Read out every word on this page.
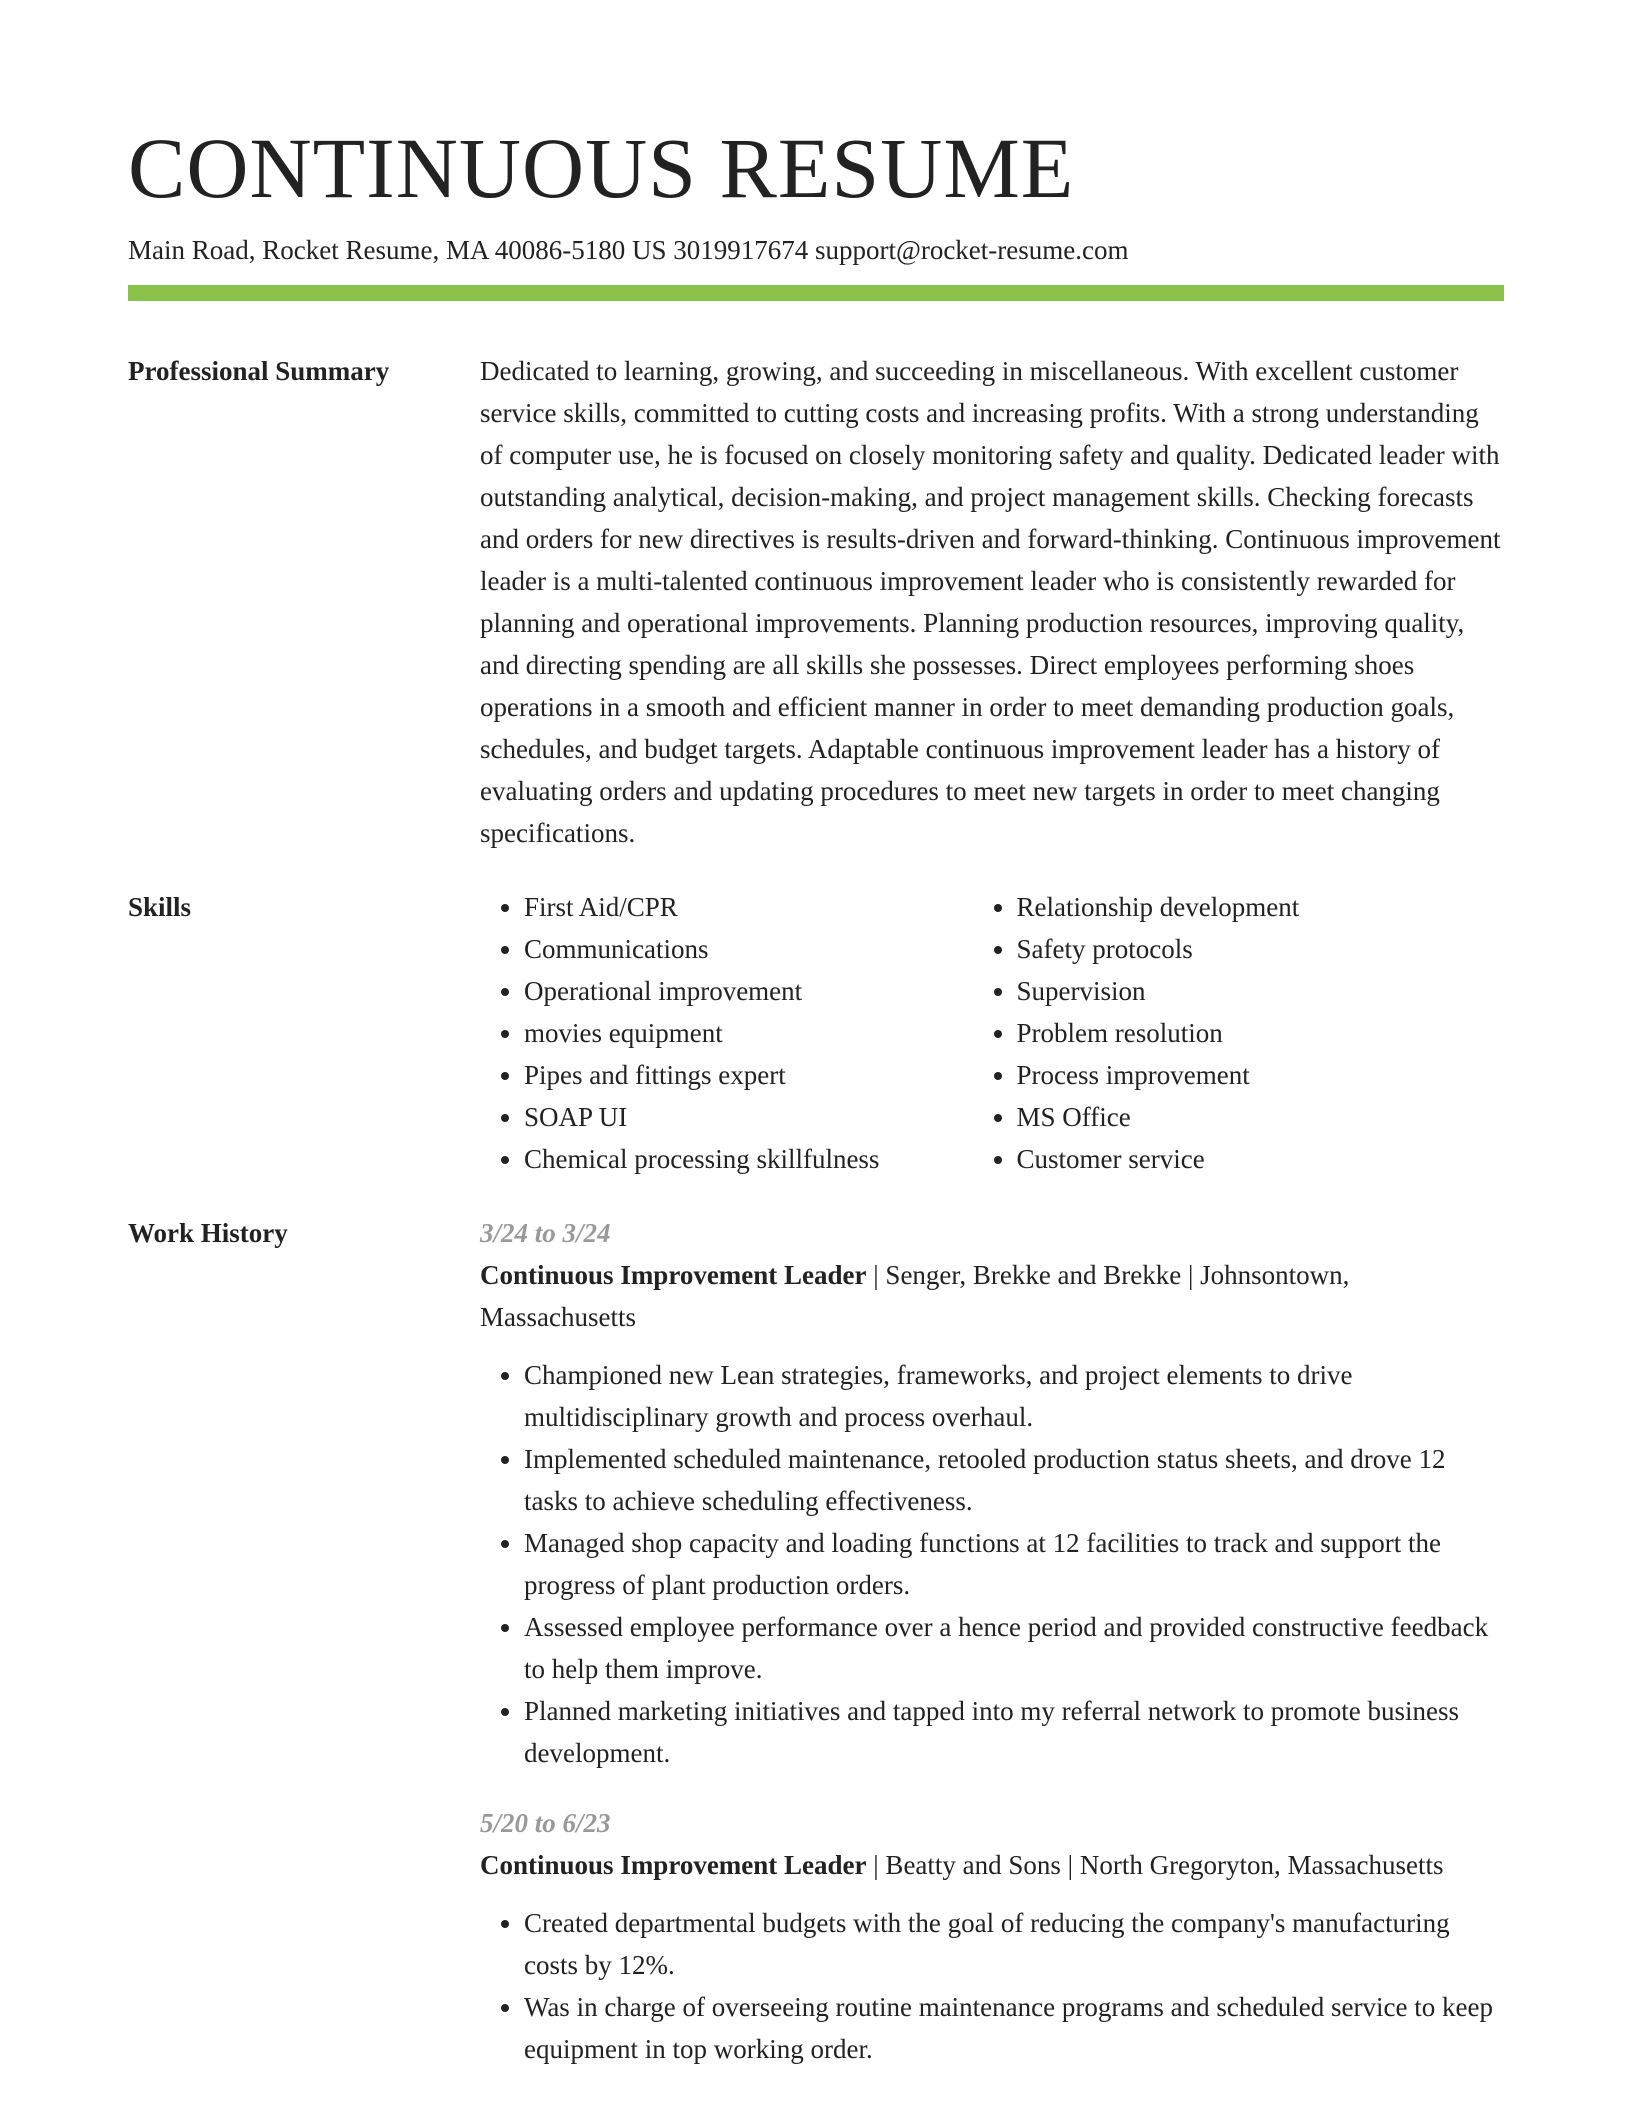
CONTINUOUS RESUME
Main Road, Rocket Resume, MA 40086-5180 US 3019917674 support@rocket-resume.com
Professional Summary	Dedicated to learning, growing, and succeeding in miscellaneous. With excellent customer service skills, committed to cutting costs and increasing profits. With a strong understanding of computer use, he is focused on closely monitoring safety and quality. Dedicated leader with outstanding analytical, decision-making, and project management skills. Checking forecasts and orders for new directives is results-driven and forward-thinking. Continuous improvement leader is a multi-talented continuous improvement leader who is consistently rewarded for planning and operational improvements. Planning production resources, improving quality, and directing spending are all skills she possesses. Direct employees performing shoes operations in a smooth and efficient manner in order to meet demanding production goals, schedules, and budget targets. Adaptable continuous improvement leader has a history of evaluating orders and updating procedures to meet new targets in order to meet changing specifications.

Skills
•	First Aid/CPR
• Communications
• Operational improvement
• movies equipment
• Pipes and fittings expert
• SOAP UI
• Chemical processing skillfulness
• Relationship development
• Safety protocols
• Supervision
• Problem resolution
• Process improvement
• MS Office
• Customer service
Work History	3/24 to 3/24
Continuous Improvement Leader | Senger, Brekke and Brekke | Johnsontown, Massachusetts
• Championed new Lean strategies, frameworks, and project elements to drive multidisciplinary growth and process overhaul.
• Implemented scheduled maintenance, retooled production status sheets, and drove 12 tasks to achieve scheduling effectiveness.
• Managed shop capacity and loading functions at 12 facilities to track and support the progress of plant production orders.
• Assessed employee performance over a hence period and provided constructive feedback to help them improve.
• Planned marketing initiatives and tapped into my referral network to promote business development.
5/20 to 6/23
Continuous Improvement Leader | Beatty and Sons | North Gregoryton, Massachusetts
• Created departmental budgets with the goal of reducing the company's manufacturing costs by 12%.
• Was in charge of overseeing routine maintenance programs and scheduled service to keep equipment in top working order.
